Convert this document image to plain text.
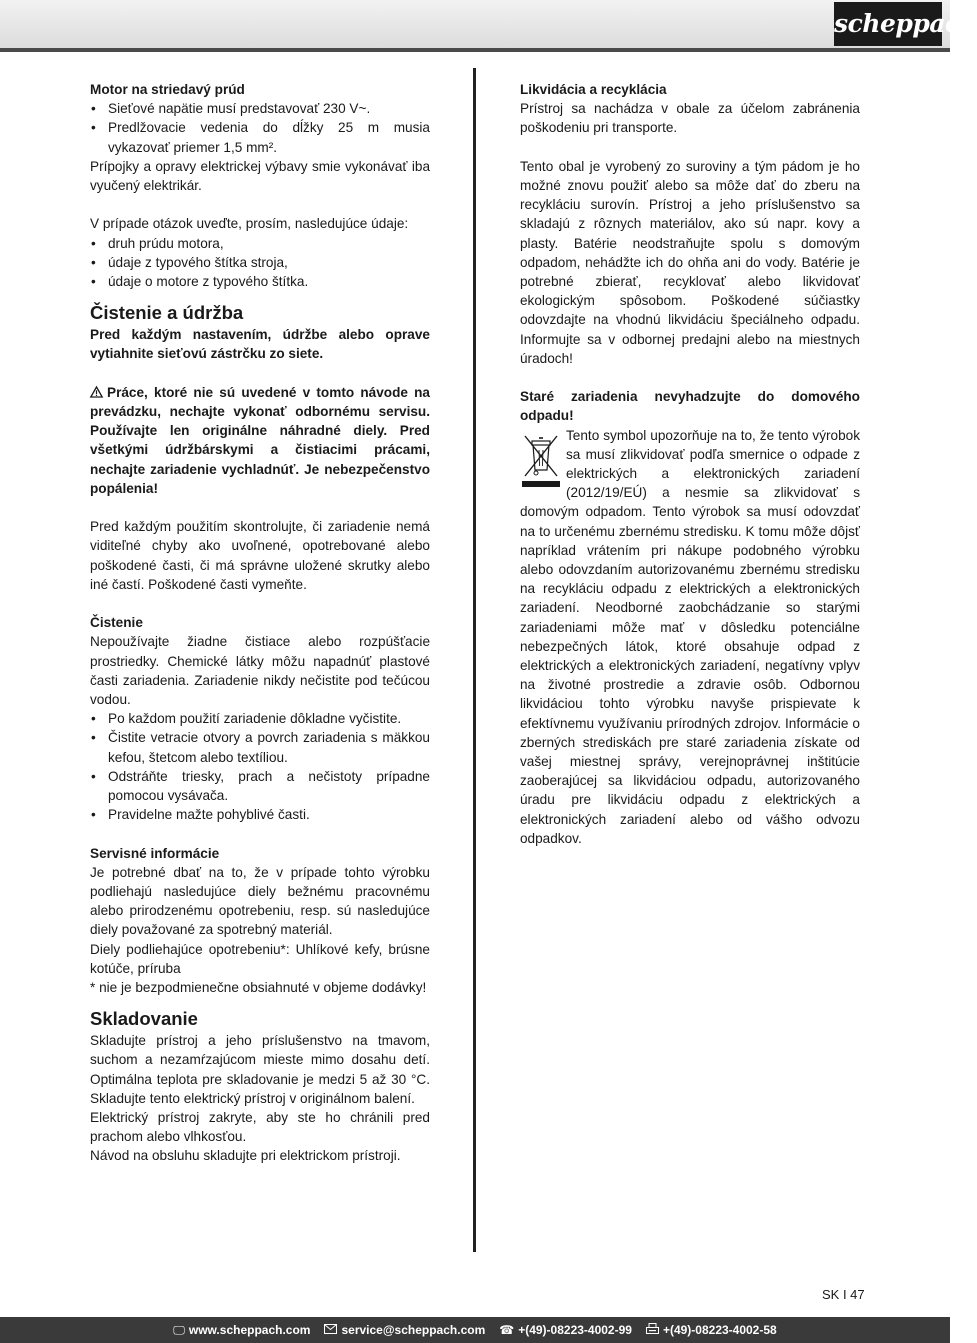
scheppach

Motor na striedavý prúd

• Sieťové napätie musí predstavovať 230 V~.
• Predlžovacie vedenia do dĺžky 25 m musia vykazovať priemer 1,5 mm².

Prípojky a opravy elektrickej výbavy smie vykonávať iba vyučený elektrikár.

V prípade otázok uveďte, prosím, nasledujúce údaje:

• druh prúdu motora,
• údaje z typového štítka stroja,
• údaje o motore z typového štítka.
Čistenie a údržba

Pred každým nastavením, údržbe alebo oprave vytiahnite sieťovú zástrčku zo siete.

Práce, ktoré nie sú uvedené v tomto návode na prevádzku, nechajte vykonať odbornému servisu. Používajte len originálne náhradné diely. Pred všetkými údržbárskymi a čistiacimi prácami, nechajte zariadenie vychladnúť. Je nebezpečenstvo popálenia!

Pred každým použitím skontrolujte, či zariadenie nemá viditeľné chyby ako uvoľnené, opotrebované alebo poškodené časti, či má správne uložené skrutky alebo iné častí. Poškodené časti vymeňte.

Čistenie

Nepoužívajte žiadne čistiace alebo rozpúšťacie prostriedky. Chemické látky môžu napadnúť plastové časti zariadenia. Zariadenie nikdy nečistite pod tečúcou vodou.

• Po každom použití zariadenie dôkladne vyčistite.
• Čistite vetracie otvory a povrch zariadenia s mäkkou kefou, štetcom alebo textíliou.
• Odstráňte triesky, prach a nečistoty prípadne pomocou vysávača.
• Pravidelne mažte pohyblivé časti.

Servisné informácie

Je potrebné dbať na to, že v prípade tohto výrobku podliehajú nasledujúce diely bežnému pracovnému alebo prirodzenému opotrebeniu, resp. sú nasledujúce diely považované za spotrebný materiál.

Diely podliehajúce opotrebeniu*: Uhlíkové kefy, brúsne kotúče, príruba

* nie je bezpodmienečne obsiahnuté v objeme dodávky!

Skladovanie

Skladujte prístroj a jeho príslušenstvo na tmavom, suchom a nezamŕzajúcom mieste mimo dosahu detí. Optimálna teplota pre skladovanie je medzi 5 až 30 °C. Skladujte tento elektrický prístroj v originálnom balení.

Elektrický prístroj zakryte, aby ste ho chránili pred prachom alebo vlhkosťou.

Návod na obsluhu skladujte pri elektrickom prístroji.

Likvidácia a recyklácia

Prístroj sa nachádza v obale za účelom zabránenia poškodeniu pri transporte.

Tento obal je vyrobený zo suroviny a tým pádom je ho možné znovu použiť alebo sa môže dať do zberu na recykláciu surovín. Prístroj a jeho príslušenstvo sa skladajú z rôznych materiálov, ako sú napr. kovy a plasty. Batérie neodstraňujte spolu s domovým odpadom, nehádžte ich do ohňa ani do vody. Batérie je potrebné zbierať, recyklovať alebo likvidovať ekologickým spôsobom. Poškodené súčiastky odovzdajte na vhodnú likvidáciu špeciálneho odpadu. Informujte sa v odbornej predajni alebo na miestnych úradoch!

Staré zariadenia nevyhadzujte do domového odpadu!

Tento symbol upozorňuje na to, že tento výrobok sa musí zlikvidovať podľa smernice o odpade z elektrických a elektronických zariadení (2012/19/EÚ) a nesmie sa zlikvidovať s domovým odpadom. Tento výrobok sa musí odovzdať na to určenému zbernému stredisku. K tomu môže dôjsť napríklad vrátením pri nákupe podobného výrobku alebo odovzdaním autorizovanému zbernému stredisku na recykláciu odpadu z elektrických a elektronických zariadení. Neodborné zaobchádzanie so starými zariadeniami môže mať v dôsledku potenciálne nebezpečných látok, ktoré obsahuje odpad z elektrických a elektronických zariadení, negatívny vplyv na životné prostredie a zdravie osôb. Odbornou likvidáciou tohto výrobku navyše prispievate k efektívnemu využívaniu prírodných zdrojov. Informácie o zberných strediskách pre staré zariadenia získate od vašej miestnej správy, verejnoprávnej inštitúcie zaoberajúcej sa likvidáciou odpadu, autorizovaného úradu pre likvidáciu odpadu z elektrických a elektronických zariadení alebo od vášho odvozu odpadkov.

SK I 47
🖵 www.scheppach.com	service@scheppach.com ☎ +(49)-08223-4002-99	+(49)-08223-4002-58
